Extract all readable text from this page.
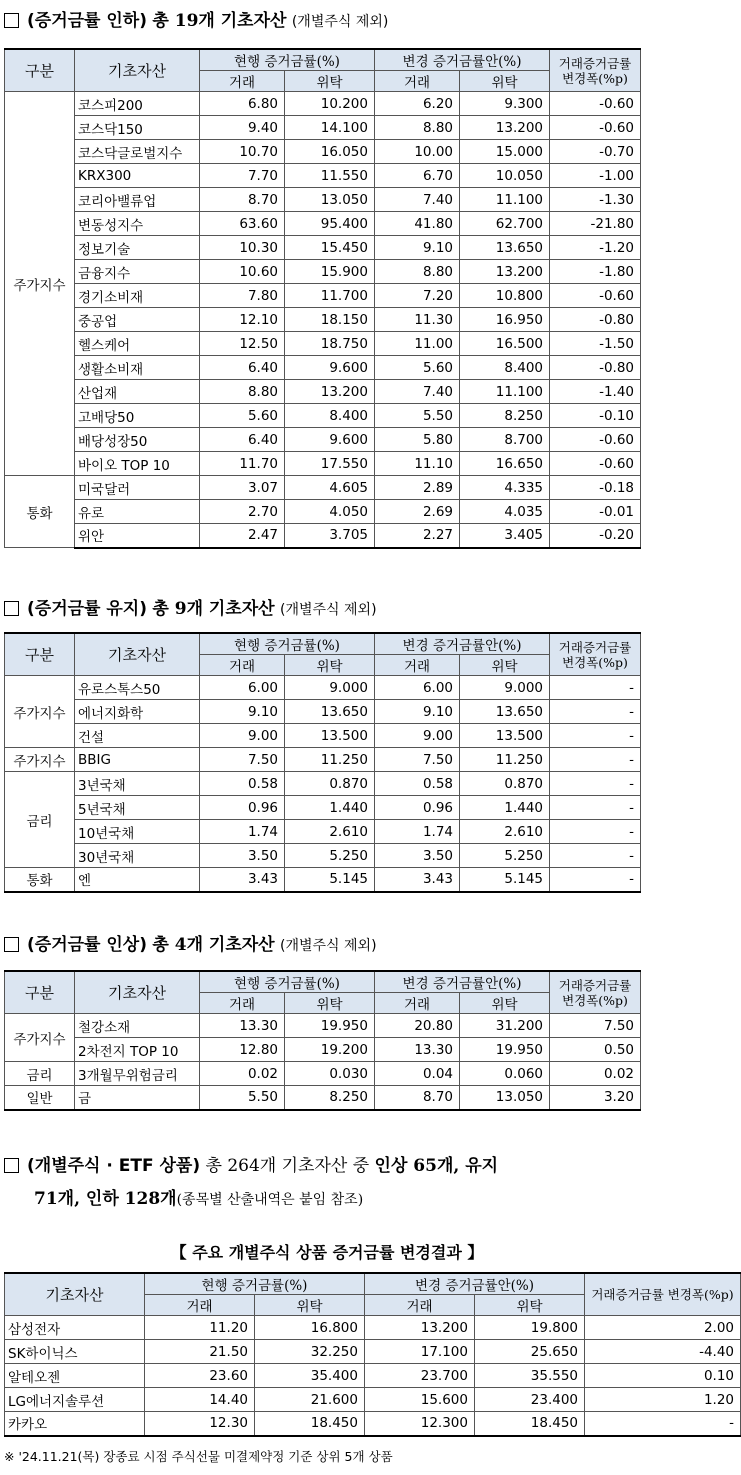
(증거금률 인하) 총 19개 기초자산 (개별주식 제외)
구분	기초자산	현행 증거금률(%)		변경 증거금률안(%)		거래증거금률 변경폭(%p)
		거래	위탁	거래	위탁	
주가지수	코스피200	6.80	10.200	6.20	9.300	-0.60
	코스닥150	9.40	14.100	8.80	13.200	-0.60
	코스닥글로벌지수	10.70	16.050	10.00	15.000	-0.70
	KRX300	7.70	11.550	6.70	10.050	-1.00
	코리아밸류업	8.70	13.050	7.40	11.100	-1.30
	변동성지수	63.60	95.400	41.80	62.700	-21.80
	정보기술	10.30	15.450	9.10	13.650	-1.20
	금융지수	10.60	15.900	8.80	13.200	-1.80
	경기소비재	7.80	11.700	7.20	10.800	-0.60
	중공업	12.10	18.150	11.30	16.950	-0.80
	헬스케어	12.50	18.750	11.00	16.500	-1.50
	생활소비재	6.40	9.600	5.60	8.400	-0.80
	산업재	8.80	13.200	7.40	11.100	-1.40
	고배당50	5.60	8.400	5.50	8.250	-0.10
	배당성장50	6.40	9.600	5.80	8.700	-0.60
	바이오 TOP 10	11.70	17.550	11.10	16.650	-0.60
통화	미국달러	3.07	4.605	2.89	4.335	-0.18
	유로	2.70	4.050	2.69	4.035	-0.01
	위안	2.47	3.705	2.27	3.405	-0.20
(증거금률 유지) 총 9개 기초자산 (개별주식 제외)
구분	기초자산	현행 증거금률(%)		변경 증거금률안(%)		거래증거금률 변경폭(%p)
		거래	위탁	거래	위탁	
주가지수	유로스톡스50	6.00	9.000	6.00	9.000	-
	에너지화학	9.10	13.650	9.10	13.650	-
	건설	9.00	13.500	9.00	13.500	-
주가지수	BBIG	7.50	11.250	7.50	11.250	-
금리	3년국채	0.58	0.870	0.58	0.870	-
	5년국채	0.96	1.440	0.96	1.440	-
	10년국채	1.74	2.610	1.74	2.610	-
	30년국채	3.50	5.250	3.50	5.250	-
통화	엔	3.43	5.145	3.43	5.145	-
(증거금률 인상) 총 4개 기초자산 (개별주식 제외)
구분	기초자산	현행 증거금률(%)		변경 증거금률안(%)		거래증거금률 변경폭(%p)
		거래	위탁	거래	위탁	
주가지수	철강소재	13.30	19.950	20.80	31.200	7.50
	2차전지 TOP 10	12.80	19.200	13.30	19.950	0.50
금리	3개월무위험금리	0.02	0.030	0.04	0.060	0.02
일반	금	5.50	8.250	8.70	13.050	3.20
(개별주식 · ETF 상품) 총 264개 기초자산 중 인상 65개, 유지
71개, 인하 128개(종목별 산출내역은 붙임 참조)
【 주요 개별주식 상품 증거금률 변경결과 】
기초자산	현행 증거금률(%)		변경 증거금률안(%)		거래증거금률 변경폭(%p)
	거래	위탁	거래	위탁	
삼성전자	11.20	16.800	13.200	19.800	2.00
SK하이닉스	21.50	32.250	17.100	25.650	-4.40
알테오젠	23.60	35.400	23.700	35.550	0.10
LG에너지솔루션	14.40	21.600	15.600	23.400	1.20
카카오	12.30	18.450	12.300	18.450	-
※ '24.11.21(목) 장종료 시점 주식선물 미결제약정 기준 상위 5개 상품
